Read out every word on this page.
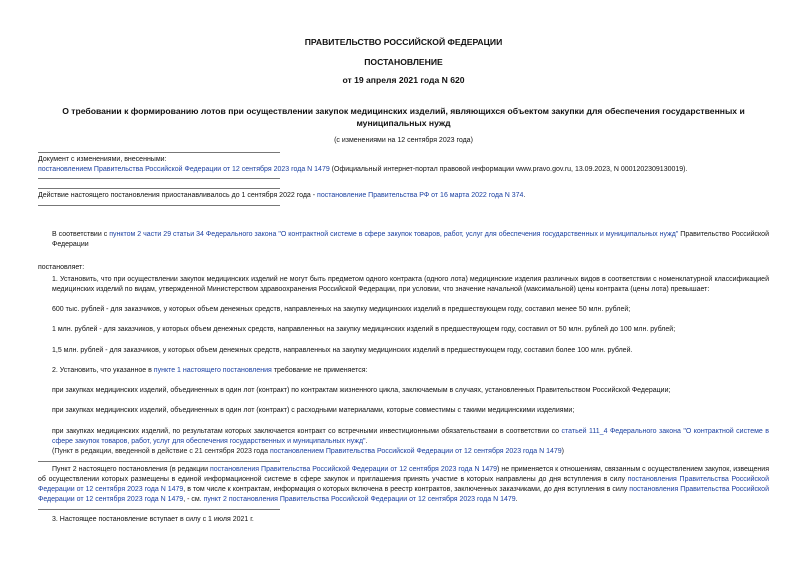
ПРАВИТЕЛЬСТВО РОССИЙСКОЙ ФЕДЕРАЦИИ
ПОСТАНОВЛЕНИЕ
от 19 апреля 2021 года N 620
О требовании к формированию лотов при осуществлении закупок медицинских изделий, являющихся объектом закупки для обеспечения государственных и муниципальных нужд
(с изменениями на 12 сентября 2023 года)
Документ с изменениями, внесенными:
постановлением Правительства Российской Федерации от 12 сентября 2023 года N 1479 (Официальный интернет-портал правовой информации www.pravo.gov.ru, 13.09.2023, N 0001202309130019).
Действие настоящего постановления приостанавливалось до 1 сентября 2022 года - постановление Правительства РФ от 16 марта 2022 года N 374.
В соответствии с пунктом 2 части 29 статьи 34 Федерального закона "О контрактной системе в сфере закупок товаров, работ, услуг для обеспечения государственных и муниципальных нужд" Правительство Российской Федерации
постановляет:
1. Установить, что при осуществлении закупок медицинских изделий не могут быть предметом одного контракта (одного лота) медицинские изделия различных видов в соответствии с номенклатурной классификацией медицинских изделий по видам, утвержденной Министерством здравоохранения Российской Федерации, при условии, что значение начальной (максимальной) цены контракта (цены лота) превышает:
600 тыс. рублей - для заказчиков, у которых объем денежных средств, направленных на закупку медицинских изделий в предшествующем году, составил менее 50 млн. рублей;
1 млн. рублей - для заказчиков, у которых объем денежных средств, направленных на закупку медицинских изделий в предшествующем году, составил от 50 млн. рублей до 100 млн. рублей;
1,5 млн. рублей - для заказчиков, у которых объем денежных средств, направленных на закупку медицинских изделий в предшествующем году, составил более 100 млн. рублей.
2. Установить, что указанное в пункте 1 настоящего постановления требование не применяется:
при закупках медицинских изделий, объединенных в один лот (контракт) по контрактам жизненного цикла, заключаемым в случаях, установленных Правительством Российской Федерации;
при закупках медицинских изделий, объединенных в один лот (контракт) с расходными материалами, которые совместимы с такими медицинскими изделиями;
при закупках медицинских изделий, по результатам которых заключается контракт со встречными инвестиционными обязательствами в соответствии со статьей 111_4 Федерального закона "О контрактной системе в сфере закупок товаров, работ, услуг для обеспечения государственных и муниципальных нужд".
(Пункт в редакции, введенной в действие с 21 сентября 2023 года постановлением Правительства Российской Федерации от 12 сентября 2023 года N 1479)
Пункт 2 настоящего постановления (в редакции постановления Правительства Российской Федерации от 12 сентября 2023 года N 1479) не применяется к отношениям, связанным с осуществлением закупок, извещения об осуществлении которых размещены в единой информационной системе в сфере закупок и приглашения принять участие в которых направлены до дня вступления в силу постановления Правительства Российской Федерации от 12 сентября 2023 года N 1479, в том числе к контрактам, информация о которых включена в реестр контрактов, заключенных заказчиками, до дня вступления в силу постановления Правительства Российской Федерации от 12 сентября 2023 года N 1479, - см. пункт 2 постановления Правительства Российской Федерации от 12 сентября 2023 года N 1479.
3. Настоящее постановление вступает в силу с 1 июля 2021 г.
